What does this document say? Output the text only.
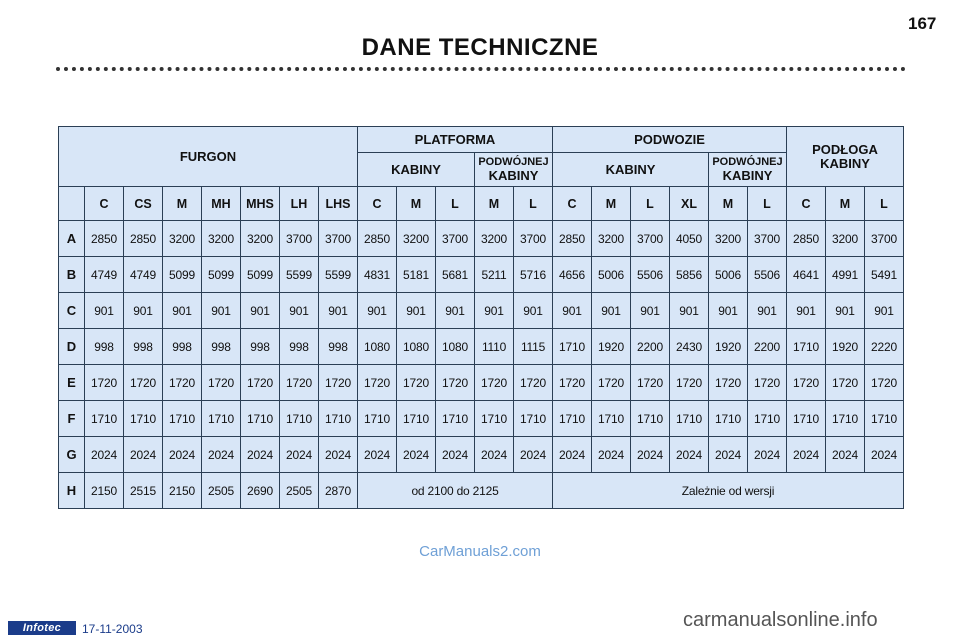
167
DANE TECHNICZNE
FURGON								PLATFORMA					PODWOZIE						PODŁOGA KABINY		
								KABINY			PODWÓJNEJ
KABINY		KABINY				PODWÓJNEJ
KABINY				
	C	CS	M	MH	MHS	LH	LHS	C	M	L	M	L	C	M	L	XL	M	L	C	M	L
A	2850	2850	3200	3200	3200	3700	3700	2850	3200	3700	3200	3700	2850	3200	3700	4050	3200	3700	2850	3200	3700
B	4749	4749	5099	5099	5099	5599	5599	4831	5181	5681	5211	5716	4656	5006	5506	5856	5006	5506	4641	4991	5491
C	901	901	901	901	901	901	901	901	901	901	901	901	901	901	901	901	901	901	901	901	901
D	998	998	998	998	998	998	998	1080	1080	1080	1110	1115	1710	1920	2200	2430	1920	2200	1710	1920	2220
E	1720	1720	1720	1720	1720	1720	1720	1720	1720	1720	1720	1720	1720	1720	1720	1720	1720	1720	1720	1720	1720
F	1710	1710	1710	1710	1710	1710	1710	1710	1710	1710	1710	1710	1710	1710	1710	1710	1710	1710	1710	1710	1710
G	2024	2024	2024	2024	2024	2024	2024	2024	2024	2024	2024	2024	2024	2024	2024	2024	2024	2024	2024	2024	2024
H	2150	2515	2150	2505	2690	2505	2870	od 2100 do 2125					Zależnie od wersji								
CarManuals2.com
Infotec	17-11-2003	carmanualsonline.info
